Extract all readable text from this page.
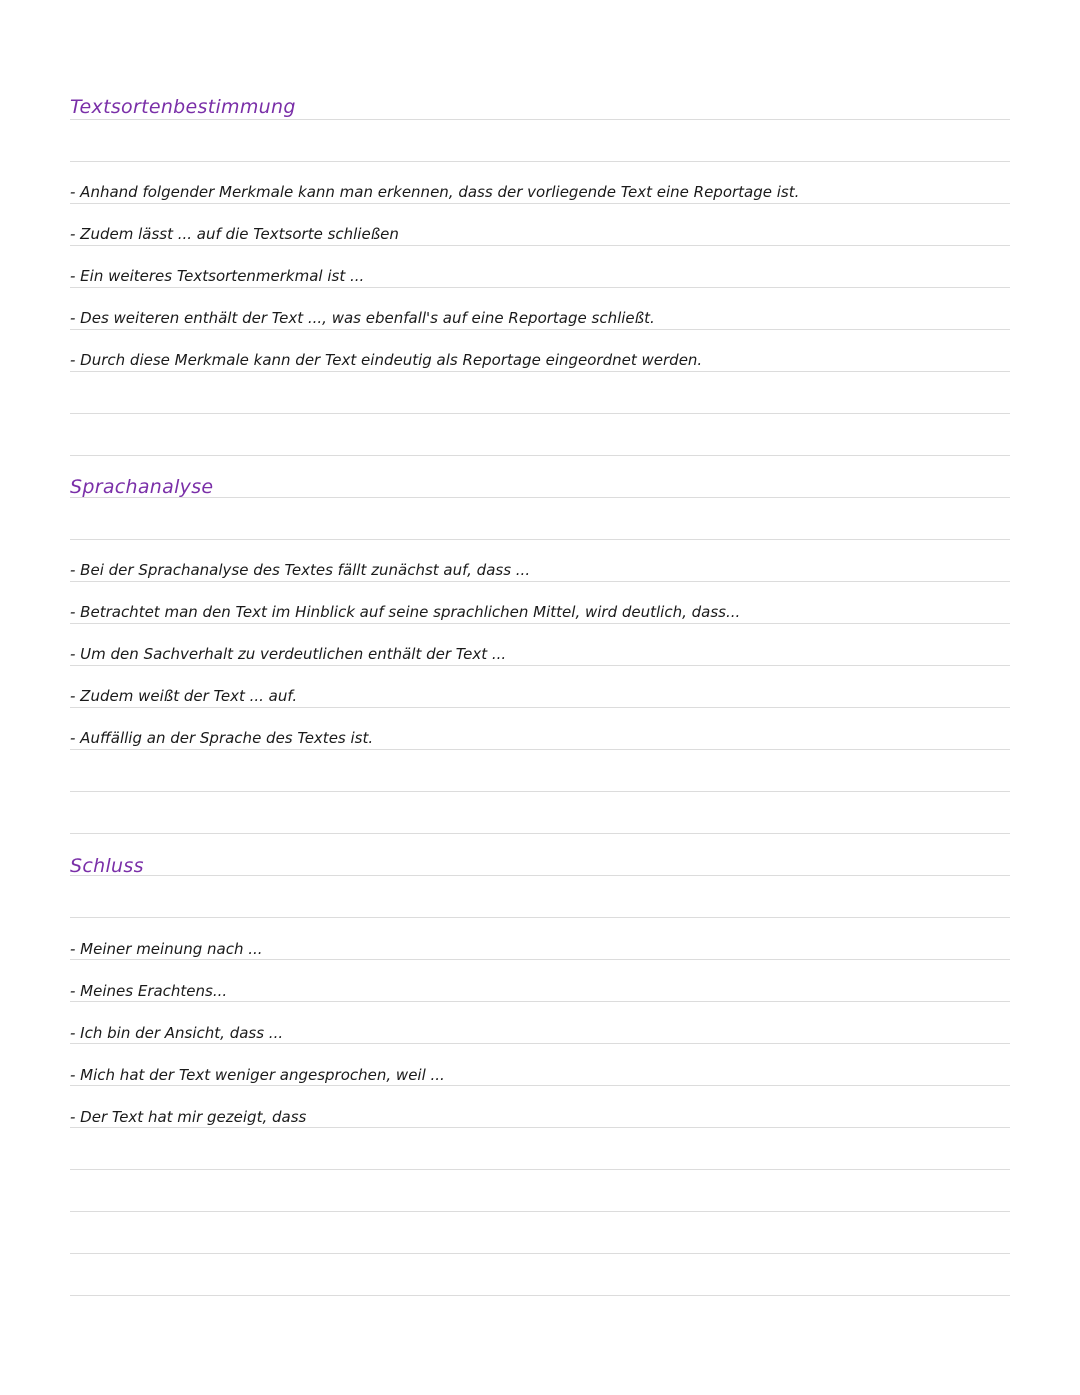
Textsortenbestimmung
- Anhand folgender Merkmale kann man erkennen, dass der vorliegende Text eine Reportage ist.
- Zudem lässt ... auf die Textsorte schließen
- Ein weiteres Textsortenmerkmal ist ...
- Des weiteren enthält der Text ..., was ebenfall's auf eine Reportage schließt.
- Durch diese Merkmale kann der Text eindeutig als Reportage eingeordnet werden.
Sprachanalyse
- Bei der Sprachanalyse des Textes fällt zunächst auf, dass ...
- Betrachtet man den Text im Hinblick auf seine sprachlichen Mittel, wird deutlich, dass...
- Um den Sachverhalt zu verdeutlichen enthält der Text ...
- Zudem weißt der Text ... auf.
- Auffällig an der Sprache des Textes ist.
Schluss
- Meiner meinung nach ...
- Meines Erachtens...
- Ich bin der Ansicht, dass ...
- Mich hat der Text weniger angesprochen, weil ...
- Der Text hat mir gezeigt, dass
